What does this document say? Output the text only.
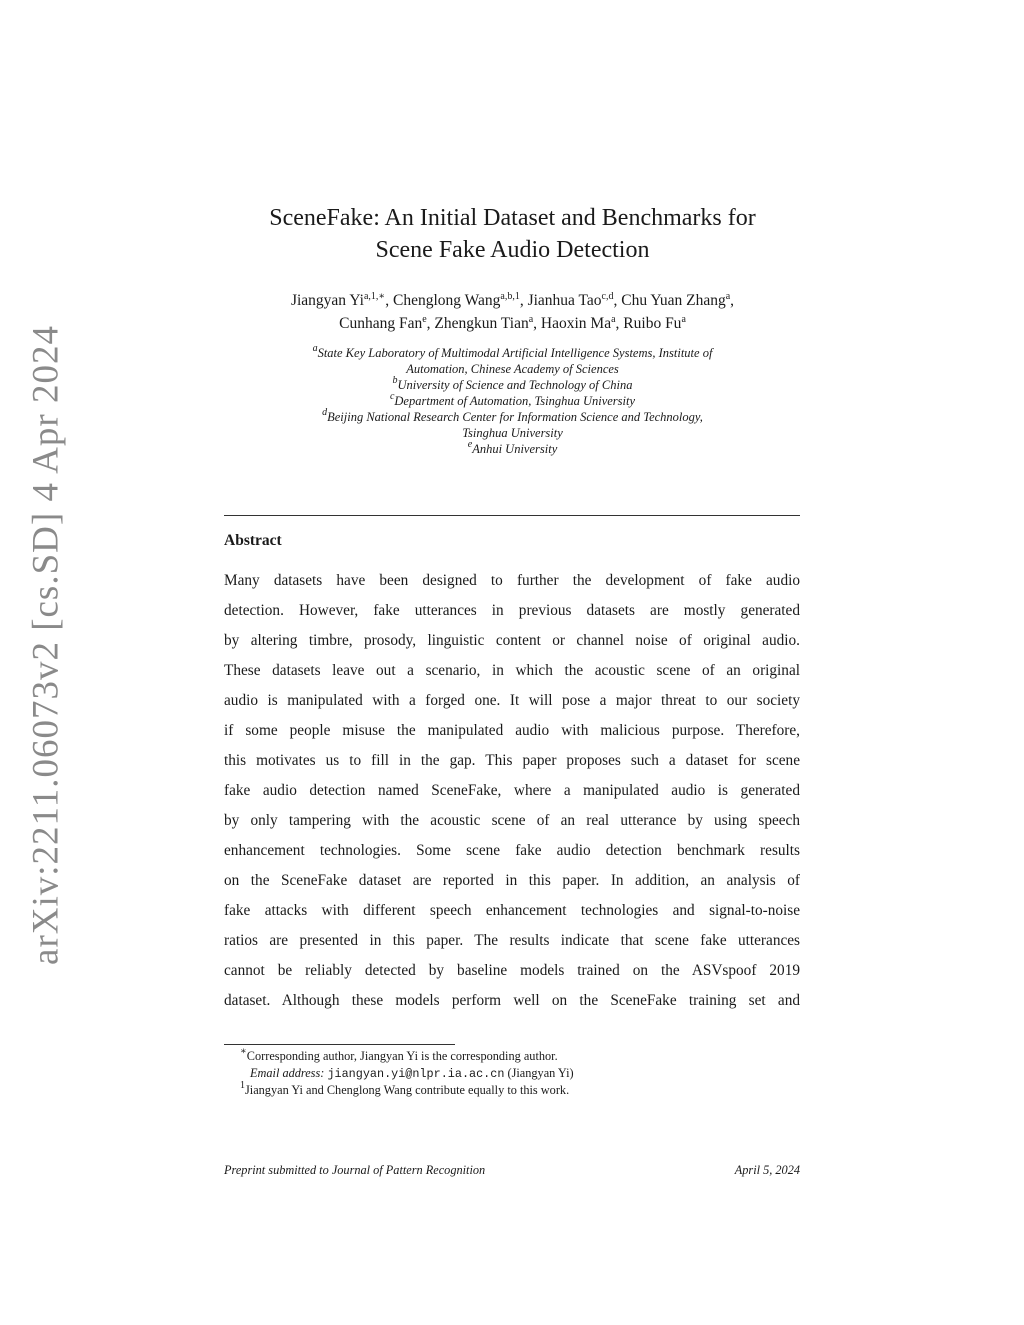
arXiv:2211.06073v2 [cs.SD] 4 Apr 2024
SceneFake: An Initial Dataset and Benchmarks for
Scene Fake Audio Detection
Jiangyan $Yi^{a,1,∗}$, Chenglong Wang$^{a,b,1}$, Jianhua Tao$^{c,d}$, Chu Yuan Zhang$^a$,
Cunhang Fan$^e$, Zhengkun Tian$^a$, Haoxin Ma$^a$, Ruibo Fu$^a$
$^a$State Key Laboratory of Multimodal Artificial Intelligence Systems, Institute of
Automation, Chinese Academy of Sciences
$^b$University of Science and Technology of China
$^c$Department of Automation, Tsinghua University
$^d$Beijing National Research Center for Information Science and Technology,
Tsinghua University
$^e$Anhui University
Abstract
Many datasets have been designed to further the development of fake audio
detection. However, fake utterances in previous datasets are mostly generated
by altering timbre, prosody, linguistic content or channel noise of original audio.
These datasets leave out a scenario, in which the acoustic scene of an original
audio is manipulated with a forged one. It will pose a major threat to our society
if some people misuse the manipulated audio with malicious purpose. Therefore,
this motivates us to fill in the gap. This paper proposes such a dataset for scene
fake audio detection named SceneFake, where a manipulated audio is generated
by only tampering with the acoustic scene of an real utterance by using speech
enhancement technologies. Some scene fake audio detection benchmark results
on the SceneFake dataset are reported in this paper. In addition, an analysis of
fake attacks with different speech enhancement technologies and signal-to-noise
ratios are presented in this paper. The results indicate that scene fake utterances
cannot be reliably detected by baseline models trained on the ASVspoof 2019
dataset. Although these models perform well on the SceneFake training set and
∗Corresponding author, Jiangyan Yi is the corresponding author.
Email address: jiangyan.yi@nlpr.ia.ac.cn (Jiangyan Yi)
$^1$Jiangyan Yi and Chenglong Wang contribute equally to this work.
Preprint submitted to Journal of Pattern Recognition	April 5, 2024
